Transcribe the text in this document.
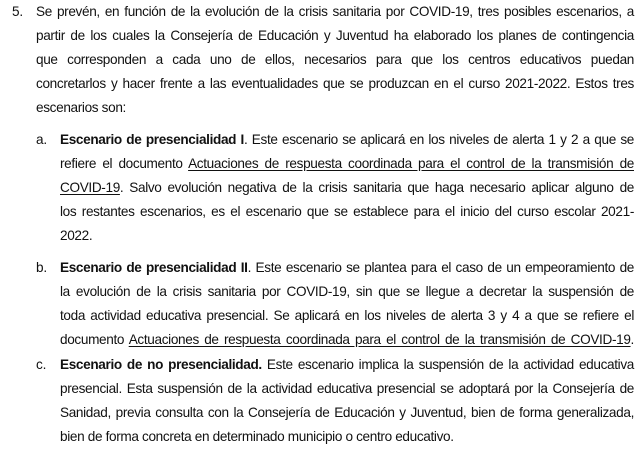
5. Se prevén, en función de la evolución de la crisis sanitaria por COVID-19, tres posibles escenarios, a
partir de los cuales la Consejería de Educación y Juventud ha elaborado los planes de contingencia
que corresponden a cada uno de ellos, necesarios para que los centros educativos puedan
concretarlos y hacer frente a las eventualidades que se produzcan en el curso 2021-2022. Estos tres
escenarios son:
a. Escenario de presencialidad I. Este escenario se aplicará en los niveles de alerta 1 y 2 a que se
refiere el documento Actuaciones de respuesta coordinada para el control de la transmisión de
COVID-19. Salvo evolución negativa de la crisis sanitaria que haga necesario aplicar alguno de
los restantes escenarios, es el escenario que se establece para el inicio del curso escolar 2021-
2022.
b. Escenario de presencialidad II. Este escenario se plantea para el caso de un empeoramiento de
la evolución de la crisis sanitaria por COVID-19, sin que se llegue a decretar la suspensión de
toda actividad educativa presencial. Se aplicará en los niveles de alerta 3 y 4 a que se refiere el
documento Actuaciones de respuesta coordinada para el control de la transmisión de COVID-19.
c. Escenario de no presencialidad. Este escenario implica la suspensión de la actividad educativa
presencial. Esta suspensión de la actividad educativa presencial se adoptará por la Consejería de
Sanidad, previa consulta con la Consejería de Educación y Juventud, bien de forma generalizada,
bien de forma concreta en determinado municipio o centro educativo.
